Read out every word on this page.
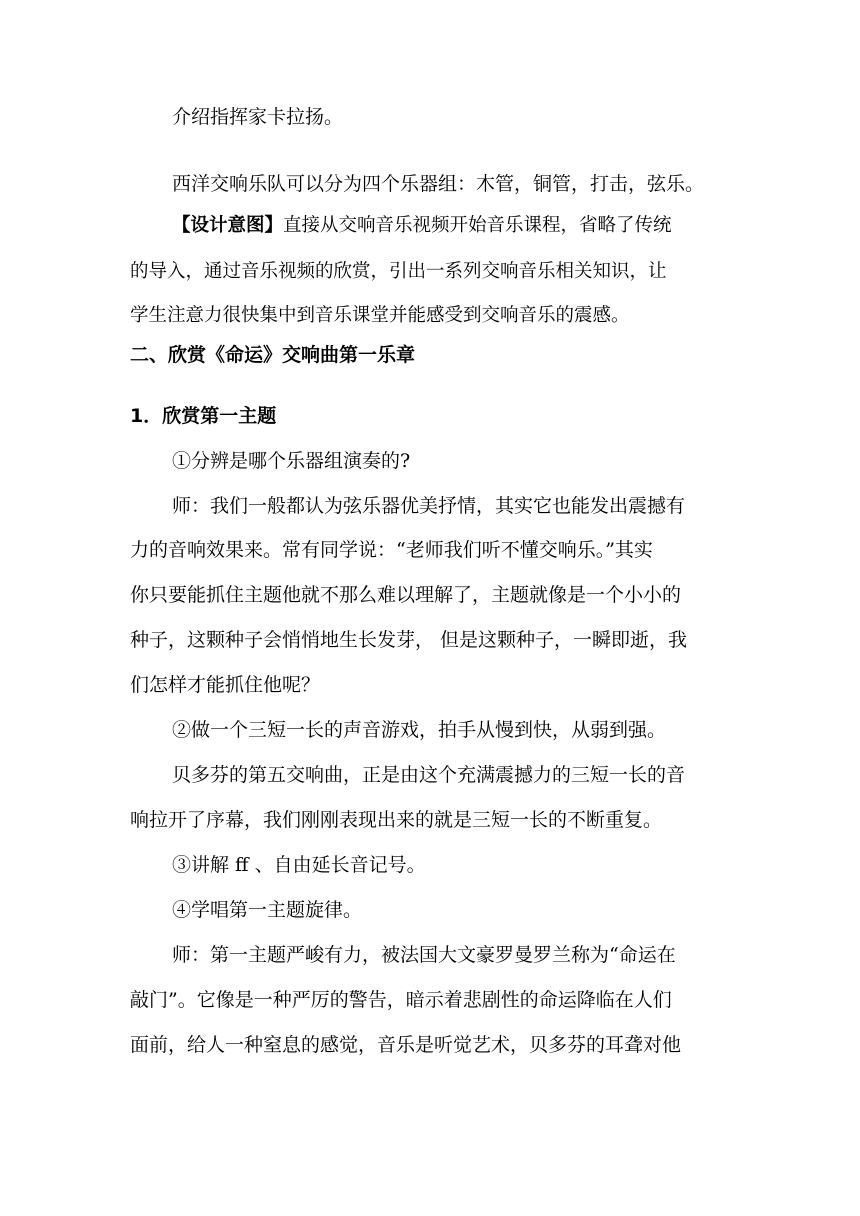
介绍指挥家卡拉扬。
西洋交响乐队可以分为四个乐器组：木管，铜管，打击，弦乐。
【设计意图】直接从交响音乐视频开始音乐课程，省略了传统
的导入，通过音乐视频的欣赏，引出一系列交响音乐相关知识，让
学生注意力很快集中到音乐课堂并能感受到交响音乐的震感。
二、欣赏《命运》交响曲第一乐章
1．欣赏第一主题
①分辨是哪个乐器组演奏的?
师：我们一般都认为弦乐器优美抒情，其实它也能发出震撼有
力的音响效果来。常有同学说：“老师我们听不懂交响乐。”其实
你只要能抓住主题他就不那么难以理解了，主题就像是一个小小的
种子，这颗种子会悄悄地生长发芽， 但是这颗种子，一瞬即逝，我
们怎样才能抓住他呢？
②做一个三短一长的声音游戏，拍手从慢到快，从弱到强。
贝多芬的第五交响曲，正是由这个充满震撼力的三短一长的音
响拉开了序幕，我们刚刚表现出来的就是三短一长的不断重复。
③讲解 ff 、自由延长音记号。
④学唱第一主题旋律。
师：第一主题严峻有力，被法国大文豪罗曼罗兰称为“命运在
敲门”。它像是一种严厉的警告，暗示着悲剧性的命运降临在人们
面前，给人一种窒息的感觉，音乐是听觉艺术，贝多芬的耳聋对他
